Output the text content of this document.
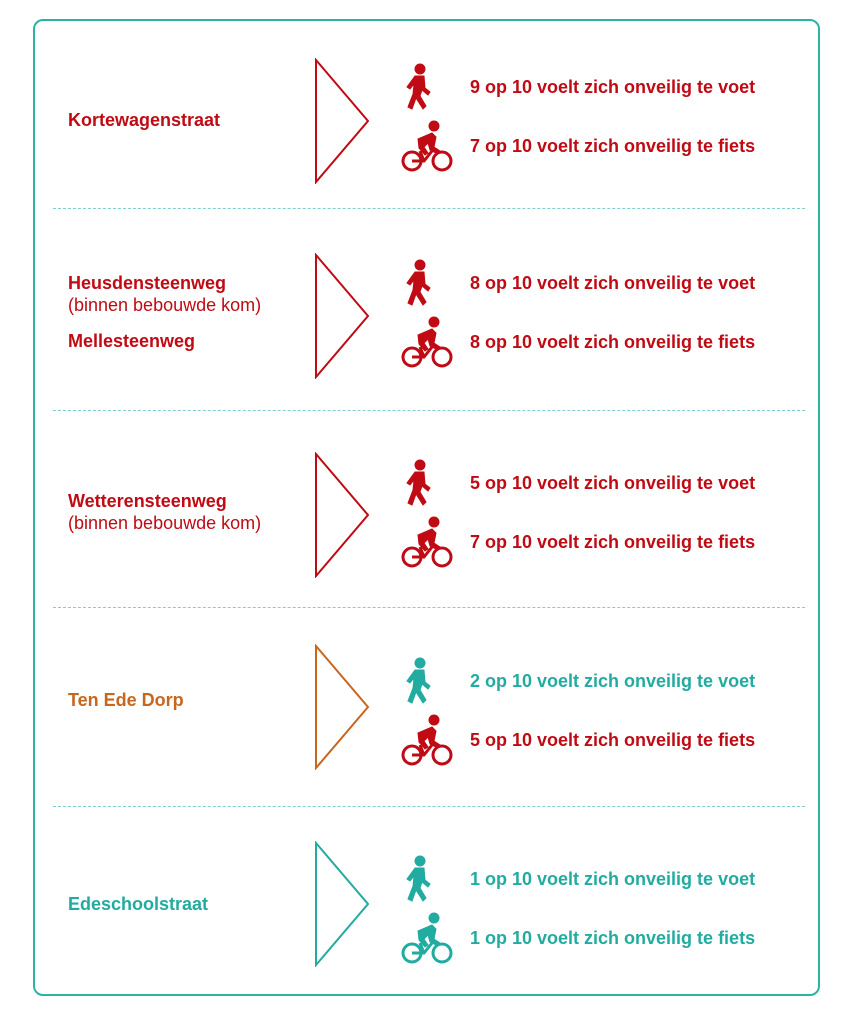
Kortewagenstraat
9 op 10 voelt zich onveilig te voet
7 op 10 voelt zich onveilig te fiets
Heusdensteenweg
(binnen bebouwde kom)
Mellesteenweg
8 op 10 voelt zich onveilig te voet
8 op 10 voelt zich onveilig te fiets
Wetterensteenweg
(binnen bebouwde kom)
5 op 10 voelt zich onveilig te voet
7 op 10 voelt zich onveilig te fiets
Ten Ede Dorp
2 op 10 voelt zich onveilig te voet
5 op 10 voelt zich onveilig te fiets
Edeschoolstraat
1 op 10 voelt zich onveilig te voet
1 op 10 voelt zich onveilig te fiets
